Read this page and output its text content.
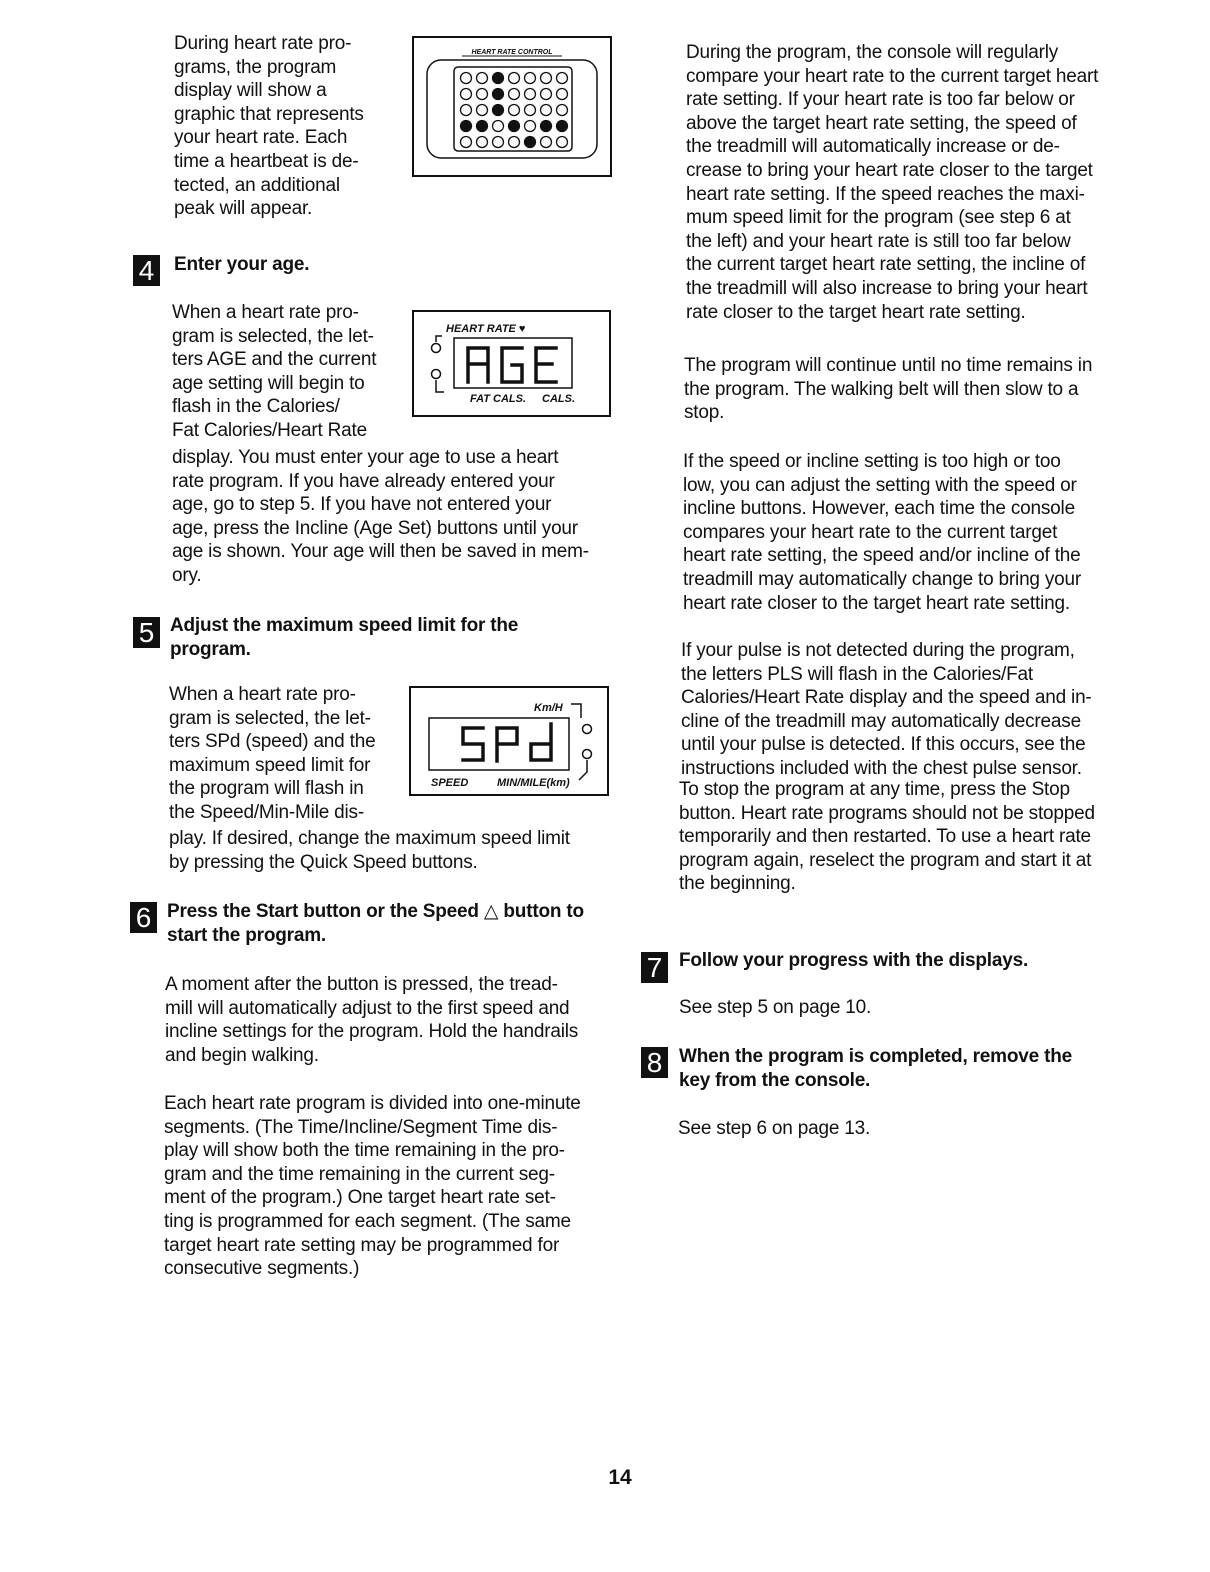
During heart rate pro-
grams, the program
display will show a
graphic that represents
your heart rate. Each
time a heartbeat is de-
tected, an additional
peak will appear.
HEART RATE CONTROL
4	Enter your age.
When a heart rate pro-
gram is selected, the let-
ters AGE and the current
age setting will begin to
flash in the Calories/
Fat Calories/Heart Rate
display. You must enter your age to use a heart
rate program. If you have already entered your
age, go to step 5. If you have not entered your
age, press the Incline (Age Set) buttons until your
age is shown. Your age will then be saved in mem-
ory.
HEART RATE ♥
FAT CALS. CALS.
5 Adjust the maximum speed limit for the
program.
When a heart rate pro-
gram is selected, the let-
ters SPd (speed) and the
maximum speed limit for
the program will flash in
the Speed/Min-Mile dis-
play. If desired, change the maximum speed limit
by pressing the Quick Speed buttons.
Km/H
SPEED	MIN/MILE(km)
6 Press the Start button or the Speed △ button to
start the program.
A moment after the button is pressed, the tread-
mill will automatically adjust to the first speed and
incline settings for the program. Hold the handrails
and begin walking.
Each heart rate program is divided into one-minute
segments. (The Time/Incline/Segment Time dis-
play will show both the time remaining in the pro-
gram and the time remaining in the current seg-
ment of the program.) One target heart rate set-
ting is programmed for each segment. (The same
target heart rate setting may be programmed for
consecutive segments.)
During the program, the console will regularly
compare your heart rate to the current target heart
rate setting. If your heart rate is too far below or
above the target heart rate setting, the speed of
the treadmill will automatically increase or de-
crease to bring your heart rate closer to the target
heart rate setting. If the speed reaches the maxi-
mum speed limit for the program (see step 6 at
the left) and your heart rate is still too far below
the current target heart rate setting, the incline of
the treadmill will also increase to bring your heart
rate closer to the target heart rate setting.
The program will continue until no time remains in
the program. The walking belt will then slow to a
stop.
If the speed or incline setting is too high or too
low, you can adjust the setting with the speed or
incline buttons. However, each time the console
compares your heart rate to the current target
heart rate setting, the speed and/or incline of the
treadmill may automatically change to bring your
heart rate closer to the target heart rate setting.
If your pulse is not detected during the program,
the letters PLS will flash in the Calories/Fat
Calories/Heart Rate display and the speed and in-
cline of the treadmill may automatically decrease
until your pulse is detected. If this occurs, see the
instructions included with the chest pulse sensor.
To stop the program at any time, press the Stop
button. Heart rate programs should not be stopped
temporarily and then restarted. To use a heart rate
program again, reselect the program and start it at
the beginning.
7 Follow your progress with the displays.
See step 5 on page 10.
8 When the program is completed, remove the
key from the console.
See step 6 on page 13.
14
